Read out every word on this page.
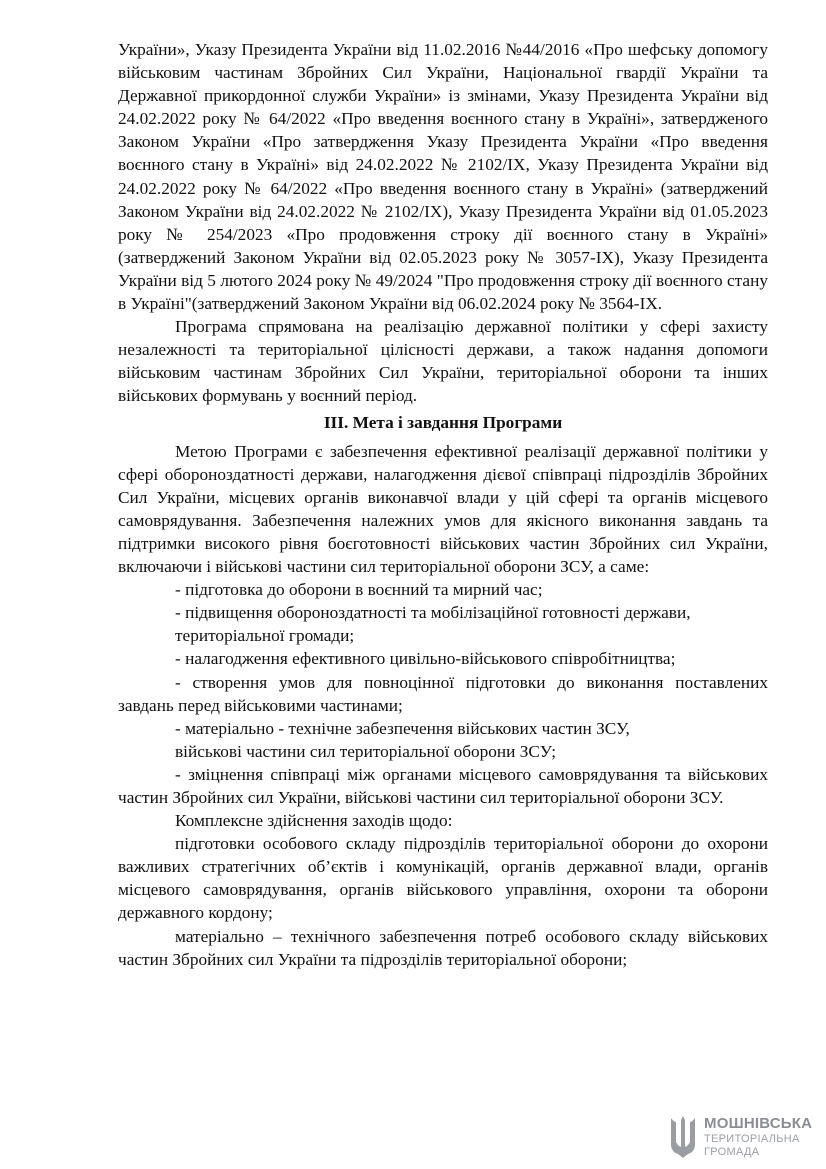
України», Указу Президента України від 11.02.2016 №44/2016 «Про шефську допомогу військовим частинам Збройних Сил України, Національної гвардії України та Державної прикордонної служби України» із змінами, Указу Президента України від 24.02.2022 року № 64/2022 «Про введення воєнного стану в Україні», затвердженого Законом України «Про затвердження Указу Президента України «Про введення воєнного стану в Україні» від 24.02.2022 № 2102/IX, Указу Президента України від 24.02.2022 року № 64/2022 «Про введення воєнного стану в Україні» (затверджений Законом України від 24.02.2022 № 2102/IX), Указу Президента України від 01.05.2023 року № 254/2023 «Про продовження строку дії воєнного стану в Україні» (затверджений Законом України від 02.05.2023 року № 3057-IX), Указу Президента України від 5 лютого 2024 року № 49/2024 "Про продовження строку дії воєнного стану в Україні"(затверджений Законом України від 06.02.2024 року № 3564-IX.

Програма спрямована на реалізацію державної політики у сфері захисту незалежності та територіальної цілісності держави, а також надання допомоги військовим частинам Збройних Сил України, територіальної оборони та інших військових формувань у воєнний період.

ІІІ. Мета і завдання Програми

Метою Програми є забезпечення ефективної реалізації державної політики у сфері обороноздатності держави, налагодження дієвої співпраці підрозділів Збройних Сил України, місцевих органів виконавчої влади у цій сфері та органів місцевого самоврядування. Забезпечення належних умов для якісного виконання завдань та підтримки високого рівня боєготовності військових частин Збройних сил України, включаючи і військові частини сил територіальної оборони ЗСУ, а саме:

- підготовка до оборони в воєнний та мирний час;

- підвищення обороноздатності та мобілізаційної готовності держави,
територіальної громади;

- налагодження ефективного цивільно-військового співробітництва;

- створення умов для повноцінної підготовки до виконання поставлених завдань перед військовими частинами;

- матеріально - технічне забезпечення військових частин ЗСУ,
військові частини сил територіальної оборони ЗСУ;

- зміцнення співпраці між органами місцевого самоврядування та військових частин Збройних сил України, військові частини сил територіальної оборони ЗСУ.

Комплексне здійснення заходів щодо:

підготовки особового складу підрозділів територіальної оборони до охорони важливих стратегічних об’єктів і комунікацій, органів державної влади, органів місцевого самоврядування, органів військового управління, охорони та оборони державного кордону;

матеріально – технічного забезпечення потреб особового складу військових частин Збройних сил України та підрозділів територіальної оборони;

МОШНІВСЬКА
ТЕРИТОРІАЛЬНА
ГРОМАДА
